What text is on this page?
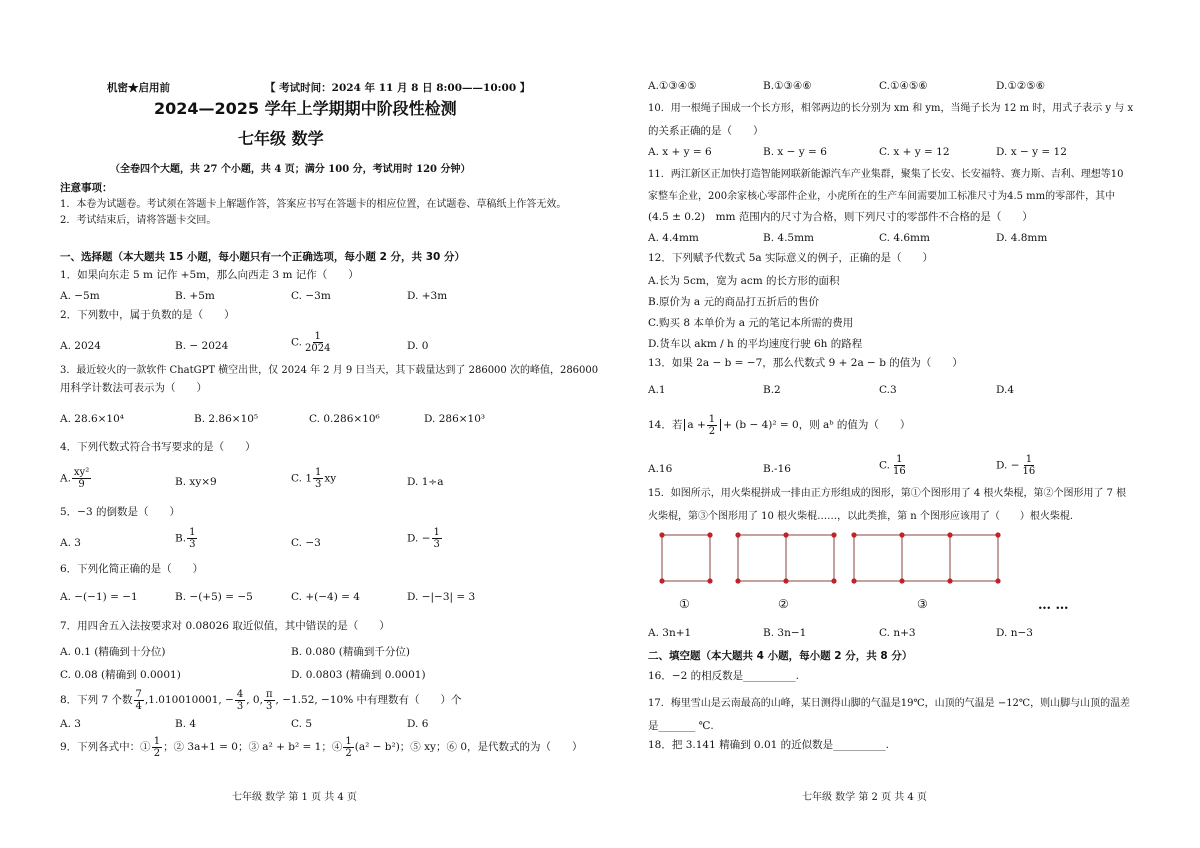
机密★启用前	【 考试时间：2024 年 11 月 8 日 8:00——10:00 】
2024—2025 学年上学期期中阶段性检测
七年级 数学
（全卷四个大题，共 27 个小题，共 4 页；满分 100 分，考试用时 120 分钟）
注意事项：
1．本卷为试题卷。考试须在答题卡上解题作答，答案应书写在答题卡的相应位置，在试题卷、草稿纸上作答无效。
2．考试结束后，请将答题卡交回。
一、选择题（本大题共 15 小题，每小题只有一个正确选项，每小题 2 分，共 30 分）
1．如果向东走 5 m 记作 +5m，那么向西走 3 m 记作（　　）
A. −5m	B. +5m	C. −3m	D. +3m
2．下列数中，属于负数的是（　　）
A. 2024	B. − 2024	C. $\frac{1}{2024}$	D. 0
3．最近较火的一款软件 ChatGPT 横空出世，仅 2024 年 2 月 9 日当天，其下载量达到了 286000 次的峰值，286000
用科学计数法可表示为（　　）
A. 28.6×10⁴	B. 2.86×10⁵	C. 0.286×10⁶	D. 286×10³
4．下列代数式符合书写要求的是（　　）
A. $\frac{\text{xy²}}{9}$	B. xy×9	C. $1 \frac{1}{3}$ xy	D. 1÷a
5．−3 的倒数是（　　）
A. 3	B. $\frac{1}{3}$	C. −3	D. − $\frac{1}{3}$
6．下列化简正确的是（　　）
A. −(−1) = −1	B. −(+5) = −5	C. +(−4) = 4	D. −|−3| = 3
7．用四舍五入法按要求对 0.08026 取近似值，其中错误的是（　　）
A. 0.1 (精确到十分位)	B. 0.080 (精确到千分位)
C. 0.08 (精确到 0.0001)	D. 0.0803 (精确到 0.0001)
8．下列 7 个数 $\frac{7}{4} ,1.010010001$, − $\frac{4}{3}$ , 0, $\frac{\pi}{3}$ , −1.52, −10% 中有理数有（　　）个
A. 3	B. 4	C. 5	D. 6
9．下列各式中：① $\frac{1}{2}$ ；② 3a+1 = 0；③ a² + b² = 1；④ $\frac{1}{2} (a^2 - b^2)$；⑤ xy；⑥ 0，是代数式的为（　　）
七年级 数学 第 1 页 共 4 页
A.①③④⑤	B.①③④⑥	C.①④⑤⑥	D.①②⑤⑥
10．用一根绳子围成一个长方形，相邻两边的长分别为 xm 和 ym，当绳子长为 12 m 时，用式子表示 y 与 x
的关系正确的是（　　）
A. x + y = 6	B. x − y = 6	C. x + y = 12	D. x − y = 12
11．两江新区正加快打造智能网联新能源汽车产业集群，聚集了长安、长安福特、赛力斯、吉利、理想等10
家整车企业，200余家核心零部件企业，小虎所在的生产车间需要加工标准尺寸为4.5 mm的零部件，其中
(4.5 ± 0.2)　mm 范围内的尺寸为合格，则下列尺寸的零部件不合格的是（　　）
A. 4.4mm	B. 4.5mm	C. 4.6mm	D. 4.8mm
12．下列赋予代数式 5a 实际意义的例子，正确的是（　　）
A.长为 5cm，宽为 acm 的长方形的面积
B.原价为 a 元的商品打五折后的售价
C.购买 8 本单价为 a 元的笔记本所需的费用
D.货车以 akm / h 的平均速度行驶 6h 的路程
13．如果 2a − b = −7，那么代数式 9 + 2a − b 的值为（　　）
A.1	B.2	C.3	D.4
14．若 $a + \frac{1}{2} + (b - 4)^2 = 0$，则 aᵇ 的值为（　　）
A.16	B.-16	C. $\frac{1}{16}$	D. − $\frac{1}{16}$
15．如图所示，用火柴棍拼成一排由正方形组成的图形，第①个图形用了 4 根火柴棍，第②个图形用了 7 根
火柴棍，第③个图形用了 10 根火柴棍……，以此类推，第 n 个图形应该用了（　　）根火柴棍.
①	②	③	… …
A. 3n+1	B. 3n−1	C. n+3	D. n−3
二、填空题（本大题共 4 小题，每小题 2 分，共 8 分）
16．−2 的相反数是__________.
17．梅里雪山是云南最高的山峰，某日测得山脚的气温是19℃，山顶的气温是 −12℃，则山脚与山顶的温差
是_______ ℃.
18．把 3.141 精确到 0.01 的近似数是__________.
七年级 数学 第 2 页 共 4 页
